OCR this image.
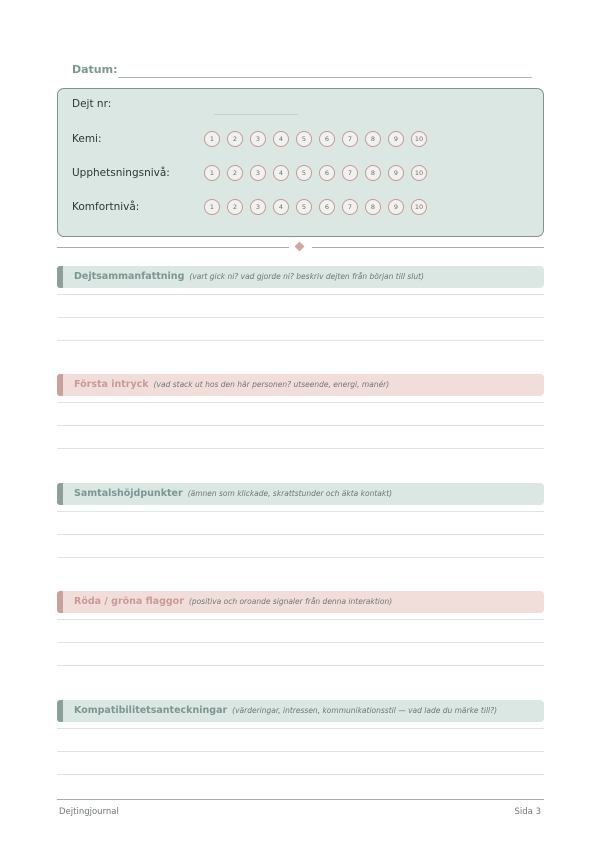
Datum:
Dejt nr:
Kemi:	1	2	3	4	5	6	7	8	9	10
Upphetsningsnivå:	1	2	3	4	5	6	7	8	9	10
Komfortnivå:	1	2	3	4	5	6	7	8	9	10
Dejtsammanfattning (vart gick ni? vad gjorde ni? beskriv dejten från början till slut)
Första intryck (vad stack ut hos den här personen? utseende, energi, manér)
Samtalshöjdpunkter (ämnen som klickade, skrattstunder och äkta kontakt)
Röda / gröna flaggor (positiva och oroande signaler från denna interaktion)
Kompatibilitetsanteckningar (värderingar, intressen, kommunikationsstil — vad lade du märke till?)
Dejtingjournal	Sida 3
